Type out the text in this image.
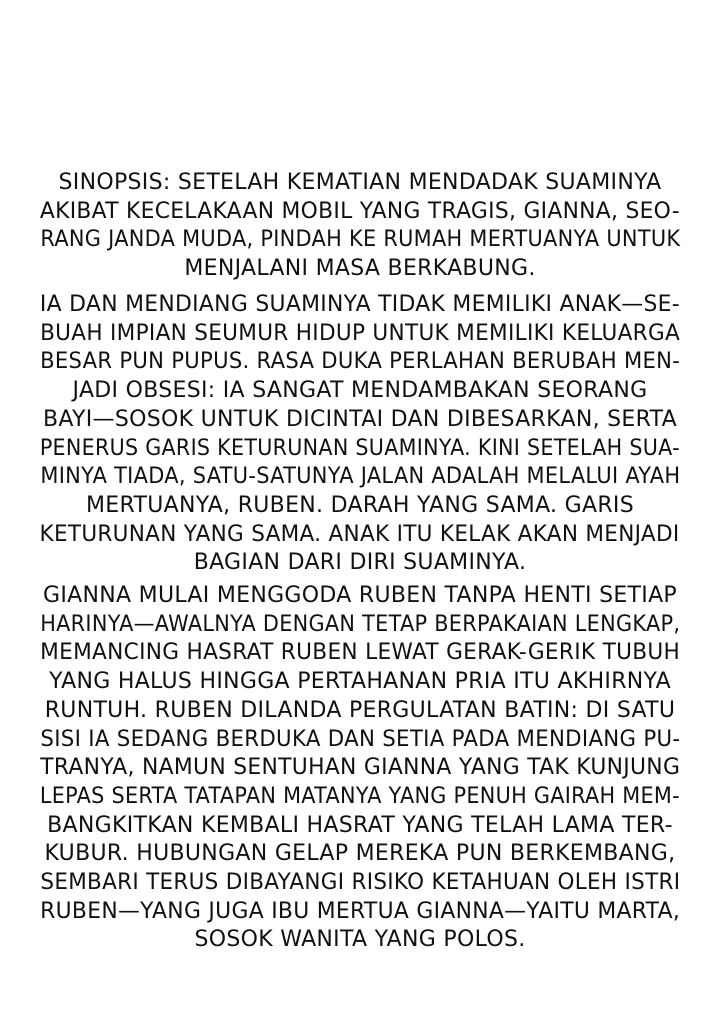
SINOPSIS: SETELAH KEMATIAN MENDADAK SUAMINYA
AKIBAT KECELAKAAN MOBIL YANG TRAGIS, GIANNA, SEO-
RANG JANDA MUDA, PINDAH KE RUMAH MERTUANYA UNTUK
MENJALANI MASA BERKABUNG.
IA DAN MENDIANG SUAMINYA TIDAK MEMILIKI ANAK—SE-
BUAH IMPIAN SEUMUR HIDUP UNTUK MEMILIKI KELUARGA
BESAR PUN PUPUS. RASA DUKA PERLAHAN BERUBAH MEN-
JADI OBSESI: IA SANGAT MENDAMBAKAN SEORANG
BAYI—SOSOK UNTUK DICINTAI DAN DIBESARKAN, SERTA
PENERUS GARIS KETURUNAN SUAMINYA. KINI SETELAH SUA-
MINYA TIADA, SATU-SATUNYA JALAN ADALAH MELALUI AYAH
MERTUANYA, RUBEN. DARAH YANG SAMA. GARIS
KETURUNAN YANG SAMA. ANAK ITU KELAK AKAN MENJADI
BAGIAN DARI DIRI SUAMINYA.
GIANNA MULAI MENGGODA RUBEN TANPA HENTI SETIAP
HARINYA—AWALNYA DENGAN TETAP BERPAKAIAN LENGKAP,
MEMANCING HASRAT RUBEN LEWAT GERAK-GERIK TUBUH
YANG HALUS HINGGA PERTAHANAN PRIA ITU AKHIRNYA
RUNTUH. RUBEN DILANDA PERGULATAN BATIN: DI SATU
SISI IA SEDANG BERDUKA DAN SETIA PADA MENDIANG PU-
TRANYA, NAMUN SENTUHAN GIANNA YANG TAK KUNJUNG
LEPAS SERTA TATAPAN MATANYA YANG PENUH GAIRAH MEM-
BANGKITKAN KEMBALI HASRAT YANG TELAH LAMA TER-
KUBUR. HUBUNGAN GELAP MEREKA PUN BERKEMBANG,
SEMBARI TERUS DIBAYANGI RISIKO KETAHUAN OLEH ISTRI
RUBEN—YANG JUGA IBU MERTUA GIANNA—YAITU MARTA,
SOSOK WANITA YANG POLOS.
